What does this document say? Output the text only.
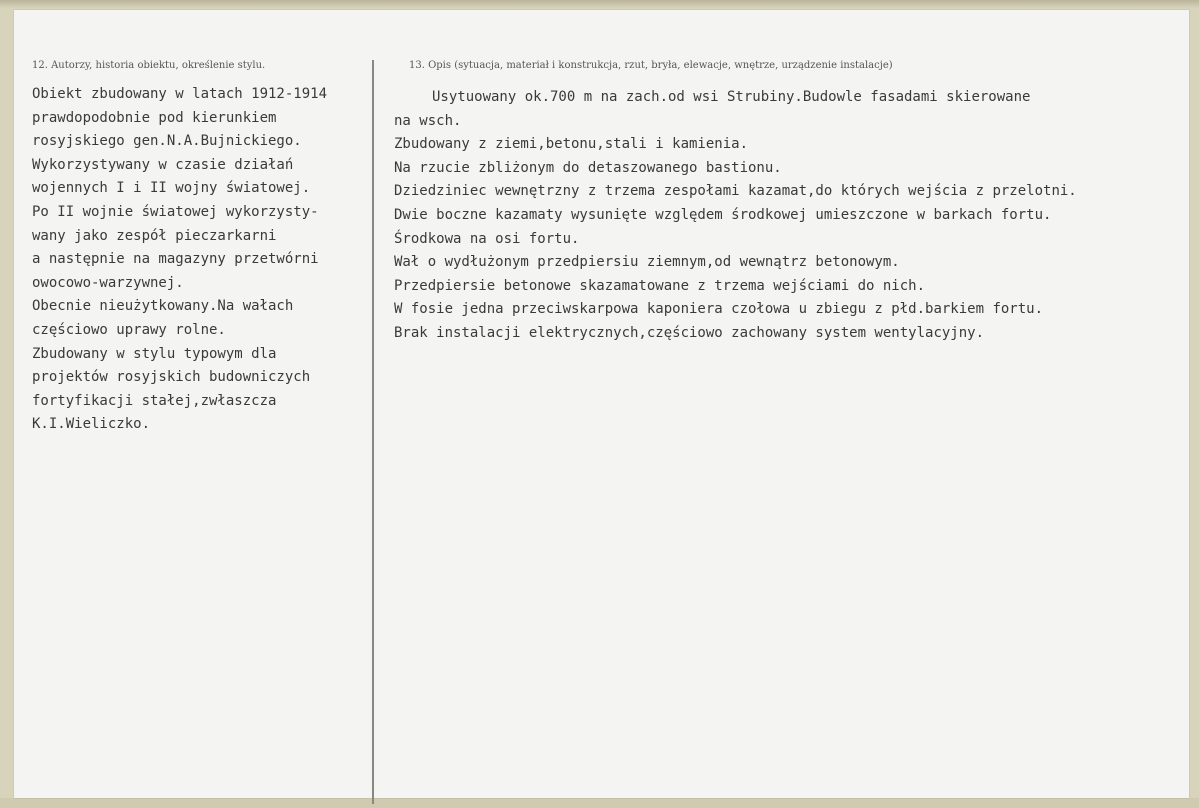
12. Autorzy, historia obiektu, określenie stylu.	13. Opis (sytuacja, materiał i konstrukcja, rzut, bryła, elewacje, wnętrze, urządzenie instalacje)
Obiekt zbudowany w latach 1912-1914
prawdopodobnie pod kierunkiem
rosyjskiego gen.N.A.Bujnickiego.
Wykorzystywany w czasie działań
wojennych I i II wojny światowej.
Po II wojnie światowej wykorzysty-
wany jako zespół pieczarkarni
a następnie na magazyny przetwórni
owocowo-warzywnej.
Obecnie nieużytkowany.Na wałach
częściowo uprawy rolne.
Zbudowany w stylu typowym dla
projektów rosyjskich budowniczych
fortyfikacji stałej,zwłaszcza
K.I.Wieliczko.
Usytuowany ok.700 m na zach.od wsi Strubiny.Budowle fasadami skierowane
na wsch.
Zbudowany z ziemi,betonu,stali i kamienia.
Na rzucie zbliżonym do detaszowanego bastionu.
Dziedziniec wewnętrzny z trzema zespołami kazamat,do których wejścia z przelotni.
Dwie boczne kazamaty wysunięte względem środkowej umieszczone w barkach fortu.
Środkowa na osi fortu.
Wał o wydłużonym przedpiersiu ziemnym,od wewnątrz betonowym.
Przedpiersie betonowe skazamatowane z trzema wejściami do nich.
W fosie jedna przeciwskarpowa kaponiera czołowa u zbiegu z płd.barkiem fortu.
Brak instalacji elektrycznych,częściowo zachowany system wentylacyjny.
